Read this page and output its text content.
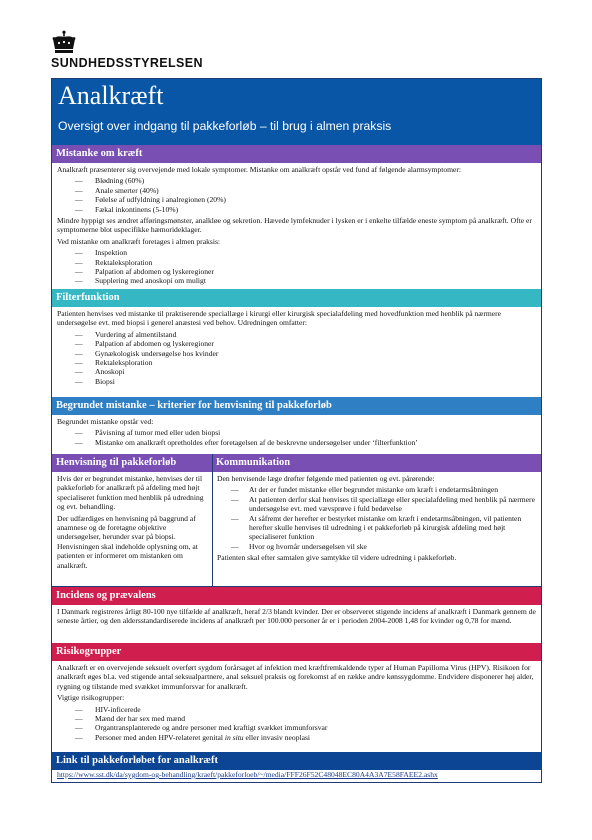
SUNDHEDSSTYRELSEN
Analkræft
Oversigt over indgang til pakkeforløb – til brug i almen praksis
Mistanke om kræft

Analkræft præsenterer sig overvejende med lokale symptomer. Mistanke om analkræft opstår ved fund af følgende alarmsymptomer:

— Blødning (60%)
— Anale smerter (40%)
— Følelse af udfyldning i analregionen (20%)
— Fækal inkontinens (5-10%)

Mindre hyppigt ses ændret afføringsmønster, analkløe og sekretion. Hævede lymfeknuder i lysken er i enkelte tilfælde eneste symptom på analkræft. Ofte er symptomerne blot uspecifikke hæmorideklager.

Ved mistanke om analkræft foretages i almen praksis:

— Inspektion
— Rektaleksploration
— Palpation af abdomen og lyskeregioner
— Supplering med anoskopi om muligt
Filterfunktion

Patienten henvises ved mistanke til praktiserende speciallæge i kirurgi eller kirurgisk specialafdeling med hovedfunktion med henblik på nærmere undersøgelse evt. med biopsi i generel anæstesi ved behov. Udredningen omfatter:

— Vurdering af almentilstand
— Palpation af abdomen og lyskeregioner
— Gynækologisk undersøgelse hos kvinder
— Rektaleksploration
— Anoskopi
— Biopsi
Begrundet mistanke – kriterier for henvisning til pakkeforløb

Begrundet mistanke opstår ved:

— Påvisning af tumor med eller uden biopsi
— Mistanke om analkræft opretholdes efter foretagelsen af de beskrevne undersøgelser under ‘filterfunktion’
Henvisning til pakkeforløb

Hvis der er begrundet mistanke, henvises der til pakkeforløb for analkræft på afdeling med højt specialiseret funktion med henblik på udredning og evt. behandling.

Der udfærdiges en henvisning på baggrund af anamnese og de foretagne objektive undersøgelser, herunder svar på biopsi. Henvisningen skal indeholde oplysning om, at patienten er informeret om mistanken om analkræft.

Kommunikation

Den henvisende læge drøfter følgende med patienten og evt. pårørende:

— At der er fundet mistanke eller begrundet mistanke om kræft i endetarmsåbningen
— At patienten derfor skal henvises til speciallæge eller specialafdeling med henblik på nærmere undersøgelse evt. med vævsprøve i fuld bedøvelse
— At såfremt der herefter er bestyrket mistanke om kræft i endetarmsåbningen, vil patienten herefter skulle henvises til udredning i et pakkeforløb på kirurgisk afdeling med højt specialiseret funktion
— Hvor og hvornår undersøgelsen vil ske

Patienten skal efter samtalen give samtykke til videre udredning i pakkeforløb.

Incidens og prævalens

I Danmark registreres årligt 80-100 nye tilfælde af analkræft, heraf 2/3 blandt kvinder. Der er observeret stigende incidens af analkræft i Danmark gennem de seneste årtier, og den aldersstandardiserede incidens af analkræft per 100.000 personer år er i perioden 2004-2008 1,48 for kvinder og 0,78 for mænd.

Risikogrupper

Analkræft er en overvejende seksuelt overført sygdom forårsaget af infektion med kræftfremkaldende typer af Human Papilloma Virus (HPV). Risikoen for analkræft øges bl.a. ved stigende antal seksualpartnere, anal seksuel praksis og forekomst af en række andre kønssygdomme. Endvidere disponerer høj alder, rygning og tilstande med svækket immunforsvar for analkræft.

Vigtige risikogrupper:

— HIV-inficerede
— Mænd der har sex med mænd
— Organtransplanterede og andre personer med kraftigt svækket immunforsvar
— Personer med anden HPV-relateret genital in situ eller invasiv neoplasi
Link til pakkeforløbet for analkræft
https://www.sst.dk/da/sygdom-og-behandling/kraeft/pakkeforloeb/~/media/FFF26F52C48048EC80A4A3A7E58FAEE2.ashx
